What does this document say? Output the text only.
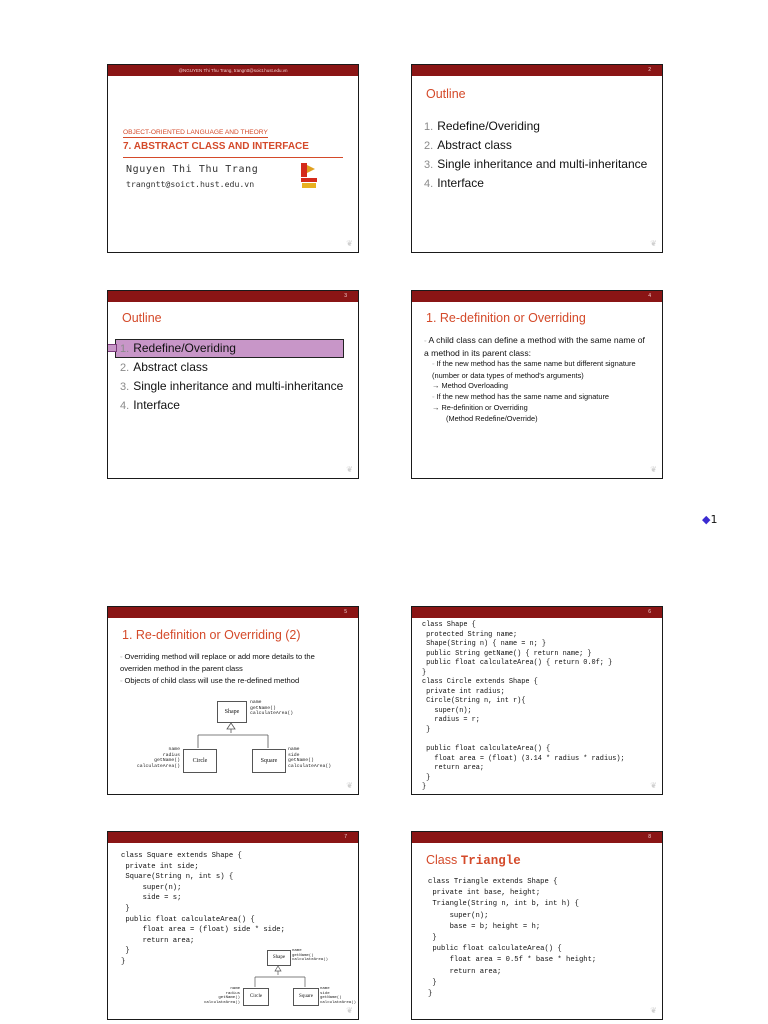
@NGUYEN Thi Thu Trang, trangntt@soict.hust.edu.vn
OBJECT-ORIENTED LANGUAGE AND THEORY
7. ABSTRACT CLASS AND INTERFACE
Nguyen Thi Thu Trang
trangntt@soict.hust.edu.vn
❦
2
Outline
1. Redefine/Overiding
2. Abstract class
3. Single inheritance and multi-inheritance
4. Interface
❦
3
Outline
1. Redefine/Overiding
2. Abstract class
3. Single inheritance and multi-inheritance
4. Interface
❦
4
1. Re-definition or Overriding

◦ A child class can define a method with the same name of a method in its parent class:

◦ If the new method has the same name but different signature (number or data types of method's arguments)

→ Method Overloading

◦ If the new method has the same name and signature

→ Re-definition or Overriding

(Method Redefine/Override)

❦
◆1
5
1. Re-definition or Overriding (2)

◦ Overriding method will replace or add more details to the overriden method in the parent class

◦ Objects of child class will use the re-defined method

Shape
name
getName()
calculateArea()
Circle
name
radius
getName()
calculateArea()
Square
name
side
getName()
calculateArea()
❦
6
class Shape {
protected String name;
Shape(String n) { name = n; }
public String getName() { return name; }
public float calculateArea() { return 0.0f; }
}
class Circle extends Shape {
private int radius;
Circle(String n, int r){
super(n);
radius = r;
}

public float calculateArea() {
float area = (float) (3.14 * radius * radius);
return area;
}
}	❦
7
class Square extends Shape {
private int side;
Square(String n, int s) {
super(n);
side = s;
}
public float calculateArea() {
float area = (float) side * side;
return area;
}
}
Shape
name
getName()
calculateArea()
Circle
name
radius
getName()
calculateArea()
Square
name
side
getName()
calculateArea()
❦
8
Class Triangle
class Triangle extends Shape {
private int base, height;
Triangle(String n, int b, int h) {
super(n);
base = b; height = h;
}
public float calculateArea() {
float area = 0.5f * base * height;
return area;
}
}
❦
